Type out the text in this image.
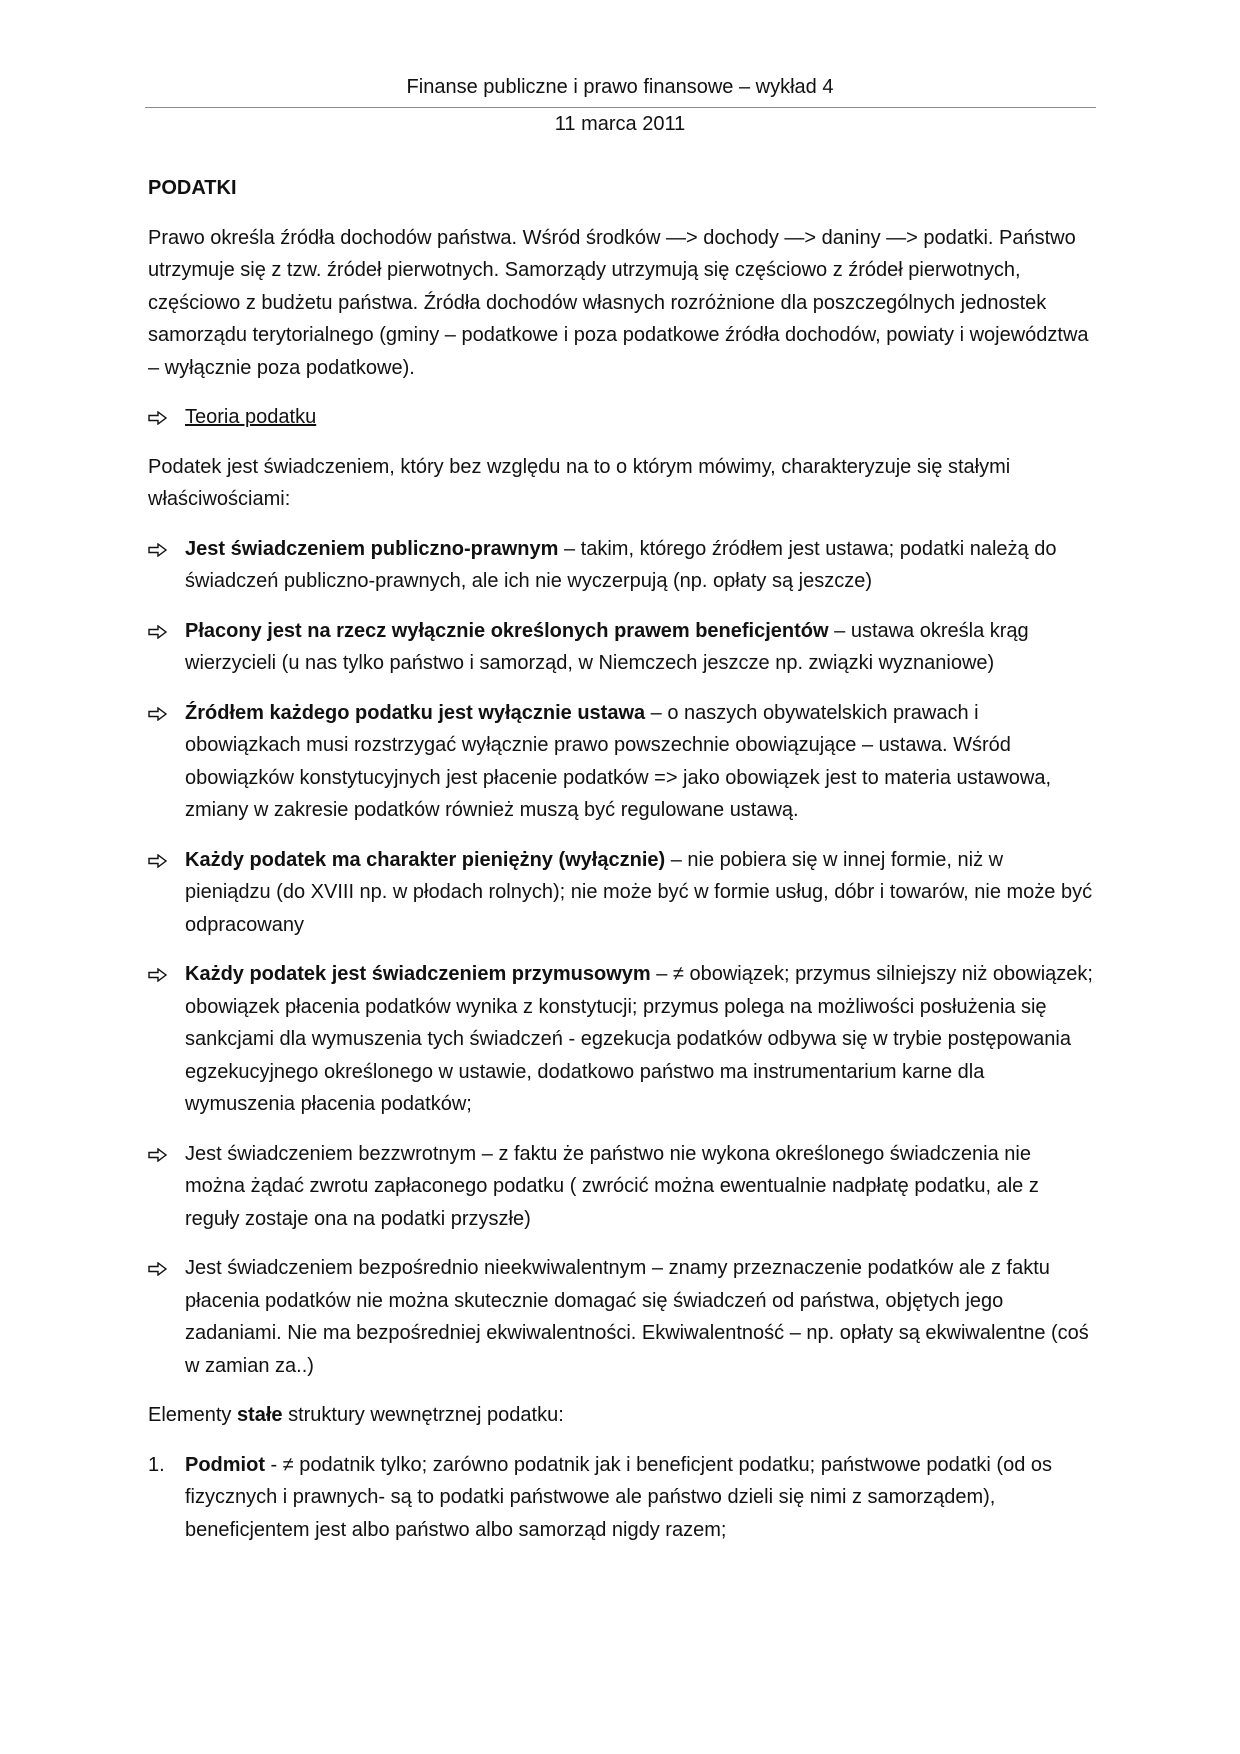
Finanse publiczne i prawo finansowe – wykład 4
11 marca 2011
PODATKI

Prawo określa źródła dochodów państwa. Wśród środków —> dochody —> daniny —> podatki. Państwo utrzymuje się z tzw. źródeł pierwotnych. Samorządy utrzymują się częściowo z źródeł pierwotnych, częściowo z budżetu państwa. Źródła dochodów własnych rozróżnione dla poszczególnych jednostek samorządu terytorialnego (gminy – podatkowe i poza podatkowe źródła dochodów, powiaty i województwa – wyłącznie poza podatkowe).

Teoria podatku

Podatek jest świadczeniem, który bez względu na to o którym mówimy, charakteryzuje się stałymi właściwościami:

Jest świadczeniem publiczno-prawnym – takim, którego źródłem jest ustawa; podatki należą do świadczeń publiczno-prawnych, ale ich nie wyczerpują (np. opłaty są jeszcze)
Płacony jest na rzecz wyłącznie określonych prawem beneficjentów – ustawa określa krąg wierzycieli (u nas tylko państwo i samorząd, w Niemczech jeszcze np. związki wyznaniowe)
Źródłem każdego podatku jest wyłącznie ustawa – o naszych obywatelskich prawach i obowiązkach musi rozstrzygać wyłącznie prawo powszechnie obowiązujące – ustawa. Wśród obowiązków konstytucyjnych jest płacenie podatków => jako obowiązek jest to materia ustawowa, zmiany w zakresie podatków również muszą być regulowane ustawą.
Każdy podatek ma charakter pieniężny (wyłącznie) – nie pobiera się w innej formie, niż w pieniądzu (do XVIII np. w płodach rolnych); nie może być w formie usług, dóbr i towarów, nie może być odpracowany
Każdy podatek jest świadczeniem przymusowym – ≠ obowiązek; przymus silniejszy niż obowiązek; obowiązek płacenia podatków wynika z konstytucji; przymus polega na możliwości posłużenia się sankcjami dla wymuszenia tych świadczeń - egzekucja podatków odbywa się w trybie postępowania egzekucyjnego określonego w ustawie, dodatkowo państwo ma instrumentarium karne dla wymuszenia płacenia podatków;
Jest świadczeniem bezzwrotnym – z faktu że państwo nie wykona określonego świadczenia nie można żądać zwrotu zapłaconego podatku ( zwrócić można ewentualnie nadpłatę podatku, ale z reguły zostaje ona na podatki przyszłe)
Jest świadczeniem bezpośrednio nieekwiwalentnym – znamy przeznaczenie podatków ale z faktu płacenia podatków nie można skutecznie domagać się świadczeń od państwa, objętych jego zadaniami. Nie ma bezpośredniej ekwiwalentności. Ekwiwalentność – np. opłaty są ekwiwalentne (coś w zamian za..)

Elementy stałe struktury wewnętrznej podatku:

1. Podmiot - ≠ podatnik tylko; zarówno podatnik jak i beneficjent podatku; państwowe podatki (od os fizycznych i prawnych- są to podatki państwowe ale państwo dzieli się nimi z samorządem), beneficjentem jest albo państwo albo samorząd nigdy razem;
